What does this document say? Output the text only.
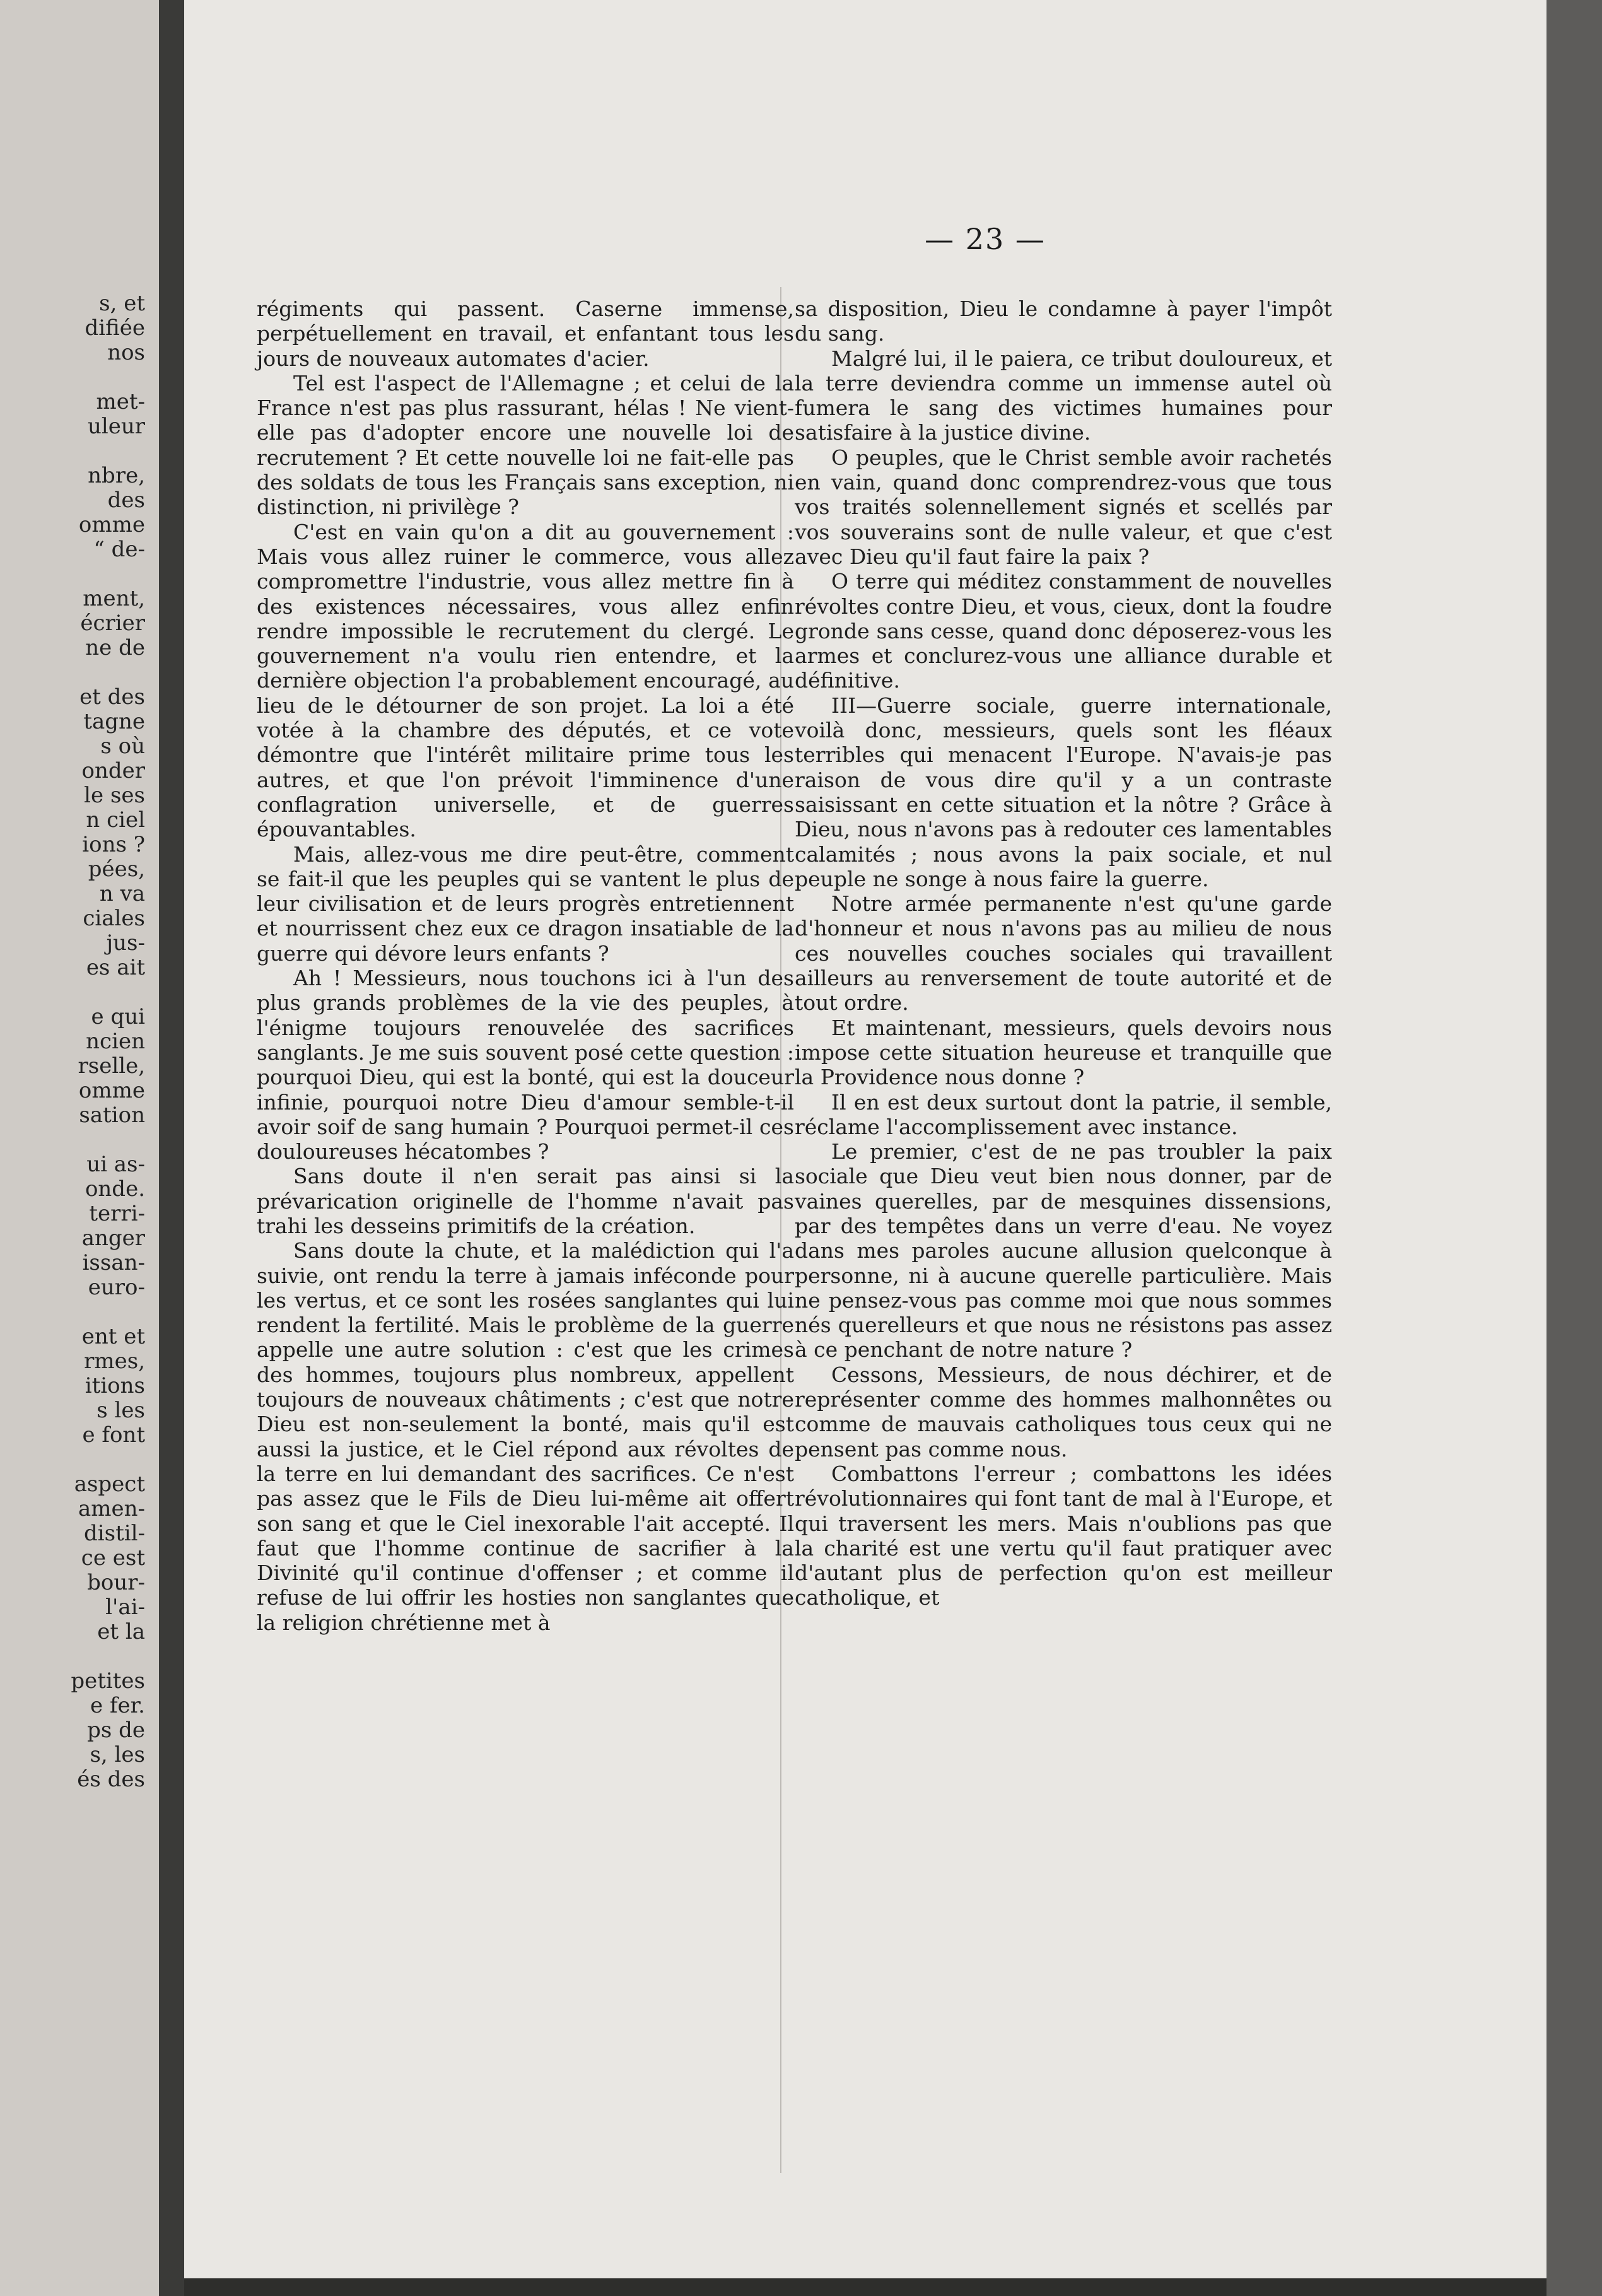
s, et
difiée
nos
met-
uleur
nbre,
des
omme
“ de-
ment,
écrier
ne de
et des
tagne
s où
onder
le ses
n ciel
ions ?
pées,
n va
ciales
jus-
es ait
e qui
ncien
rselle,
omme
sation
ui as-
onde.
terri-
anger
issan-
euro-
ent et
rmes,
itions
s les
e font
aspect
amen-
distil-
ce est
bour-
l'ai-
et la
petites
e fer.
ps de
s, les
és des
— 23 —

régiments qui passent. Caserne immense, perpétuellement en travail, et enfantant tous les jours de nouveaux automates d'acier.

Tel est l'aspect de l'Allemagne ; et celui de la France n'est pas plus rassurant, hélas ! Ne vient-elle pas d'adopter encore une nouvelle loi de recrutement ? Et cette nouvelle loi ne fait-elle pas des soldats de tous les Français sans exception, ni distinction, ni privilège ?

C'est en vain qu'on a dit au gouvernement : Mais vous allez ruiner le commerce, vous allez compromettre l'industrie, vous allez mettre fin à des existences nécessaires, vous allez enfin rendre impossible le recrutement du clergé. Le gouvernement n'a voulu rien entendre, et la dernière objection l'a probablement encouragé, au lieu de le détourner de son projet. La loi a été votée à la chambre des députés, et ce vote démontre que l'intérêt militaire prime tous les autres, et que l'on prévoit l'imminence d'une conflagration universelle, et de guerres épouvantables.

Mais, allez-vous me dire peut-être, comment se fait-il que les peuples qui se vantent le plus de leur civilisation et de leurs progrès entretiennent et nourrissent chez eux ce dragon insatiable de la guerre qui dévore leurs enfants ?

Ah ! Messieurs, nous touchons ici à l'un des plus grands problèmes de la vie des peuples, à l'énigme toujours renouvelée des sacrifices sanglants. Je me suis souvent posé cette question : pourquoi Dieu, qui est la bonté, qui est la douceur infinie, pourquoi notre Dieu d'amour semble-t-il avoir soif de sang humain ? Pourquoi permet-il ces douloureuses hécatombes ?

Sans doute il n'en serait pas ainsi si la prévarication originelle de l'homme n'avait pas trahi les desseins primitifs de la création.

Sans doute la chute, et la malédiction qui l'a suivie, ont rendu la terre à jamais inféconde pour les vertus, et ce sont les rosées sanglantes qui lui rendent la fertilité. Mais le problème de la guerre appelle une autre solution : c'est que les crimes des hommes, toujours plus nombreux, appellent toujours de nouveaux châtiments ; c'est que notre Dieu est non-seulement la bonté, mais qu'il est aussi la justice, et le Ciel répond aux révoltes de la terre en lui demandant des sacrifices. Ce n'est pas assez que le Fils de Dieu lui-même ait offert son sang et que le Ciel inexorable l'ait accepté. Il faut que l'homme continue de sacrifier à la Divinité qu'il continue d'offenser ; et comme il refuse de lui offrir les hosties non sanglantes que la religion chrétienne met à

sa disposition, Dieu le condamne à payer l'impôt du sang.

Malgré lui, il le paiera, ce tribut douloureux, et la terre deviendra comme un immense autel où fumera le sang des victimes humaines pour satisfaire à la justice divine.

O peuples, que le Christ semble avoir rachetés en vain, quand donc comprendrez-vous que tous vos traités solennellement signés et scellés par vos souverains sont de nulle valeur, et que c'est avec Dieu qu'il faut faire la paix ?

O terre qui méditez constamment de nouvelles révoltes contre Dieu, et vous, cieux, dont la foudre gronde sans cesse, quand donc déposerez-vous les armes et conclurez-vous une alliance durable et définitive.

III—Guerre sociale, guerre internationale, voilà donc, messieurs, quels sont les fléaux terribles qui menacent l'Europe. N'avais-je pas raison de vous dire qu'il y a un contraste saisissant en cette situation et la nôtre ? Grâce à Dieu, nous n'avons pas à redouter ces lamentables calamités ; nous avons la paix sociale, et nul peuple ne songe à nous faire la guerre.

Notre armée permanente n'est qu'une garde d'honneur et nous n'avons pas au milieu de nous ces nouvelles couches sociales qui travaillent ailleurs au renversement de toute autorité et de tout ordre.

Et maintenant, messieurs, quels devoirs nous impose cette situation heureuse et tranquille que la Providence nous donne ?

Il en est deux surtout dont la patrie, il semble, réclame l'accomplissement avec instance.

Le premier, c'est de ne pas troubler la paix sociale que Dieu veut bien nous donner, par de vaines querelles, par de mesquines dissensions, par des tempêtes dans un verre d'eau. Ne voyez dans mes paroles aucune allusion quelconque à personne, ni à aucune querelle particulière. Mais ne pensez-vous pas comme moi que nous sommes nés querelleurs et que nous ne résistons pas assez à ce penchant de notre nature ?

Cessons, Messieurs, de nous déchirer, et de représenter comme des hommes malhonnêtes ou comme de mauvais catholiques tous ceux qui ne pensent pas comme nous.

Combattons l'erreur ; combattons les idées révolutionnaires qui font tant de mal à l'Europe, et qui traversent les mers. Mais n'oublions pas que la charité est une vertu qu'il faut pratiquer avec d'autant plus de perfection qu'on est meilleur catholique, et
